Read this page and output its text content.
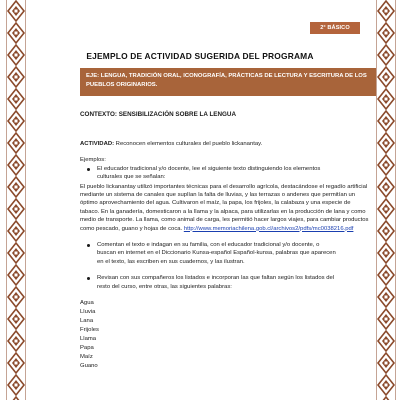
2° BÁSICO Unidad 3
EJEMPLO DE ACTIVIDAD SUGERIDA DEL PROGRAMA
EJE: LENGUA, TRADICIÓN ORAL, ICONOGRAFÍA, PRÁCTICAS DE LECTURA Y ESCRITURA DE LOS
PUEBLOS ORIGINARIOS.
CONTEXTO: SENSIBILIZACIÓN SOBRE LA LENGUA

ACTIVIDAD: Reconocen elementos culturales del pueblo lickanantay.

Ejemplos:

El educador tradicional y/o docente, lee el siguiente texto distinguiendo los elementos

culturales que se señalan:

El pueblo lickanantay utilizó importantes técnicas para el desarrollo agrícola, destacándose el regadío artificial mediante un sistema de canales que suplían la falta de lluvias, y las terrazas o andenes que permitían un óptimo aprovechamiento del agua. Cultivaron el maíz, la papa, los frijoles, la calabaza y una especie de tabaco. En la ganadería, domesticaron a la llama y la alpaca, para utilizarlas en la producción de lana y como medio de transporte. La llama, como animal de carga, les permitió hacer largos viajes, para cambiar productos como pescado, guano y hojas de coca. http://www.memoriachilena.gob.cl/archivos2/pdfs/mc0038216.pdf

Comentan el texto e indagan en su familia, con el educador tradicional y/o docente, o

buscan en internet en el Diccionario Kunsa-español Español-kunsa, palabras que aparecen

en el texto, las escriben en sus cuadernos, y las ilustran.

Revisan con sus compañeros los listados e incorporan las que faltan según los listados del

resto del curso, entre otras, las siguientes palabras:

Agua

Lluvia

Lana

Frijoles

Llama

Papa

Maíz

Guano
